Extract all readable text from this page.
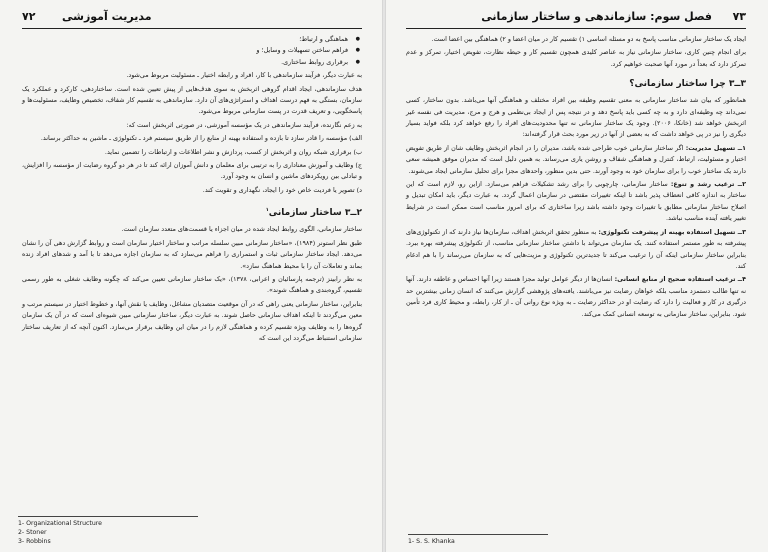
۷۲ مدیریت آموزشی
● هماهنگی و ارتباط؛
● فراهم ساختن تسهیلات و وسایل؛ و
● برقراری روابط ساختاری.

به عبارت دیگر، فرآیند سازماندهی با کار، افراد و رابطه اختیار ـ مسئولیت مربوط می‌شود.

هدف سازماندهی، ایجاد اقدام گروهی اثربخش به سوی هدف‌هایی از پیش تعیین شده است. ساختاردهی، کارکرد و عملکرد یک سازمان، بستگی به فهم درست اهداف و استراتژی‌های آن دارد. سازماندهی به تقسیم کار شفاف، تخصیص وظایف، مسئولیت‌ها و پاسخگویی، و تعریف قدرت در پست سازمانی مربوط می‌شود.

به زعم نگارنده، فرآیند سازماندهی در یک مؤسسه آموزشی، در صورتی اثربخش است که:

الف) مؤسسه را قادر سازد تا بازده و استفاده بهینه از منابع را از طریق سیستم فرد ـ تکنولوژی ـ ماشین به حداکثر برساند.

ب) برقراری شبکه روان و اثربخش از کسب، پردازش و نشر اطلاعات و ارتباطات را تضمین نماید.

ج) وظایف و آموزش معناداری را به ترتیبی برای معلمان و دانش آموزان ارائه کند تا در هر دو گروه رضایت از مؤسسه را افزایش، و تبادلی بین رویکردهای ماشین و انسان به وجود آورد.

د) تصویر یا فرديت خاص خود را ایجاد، نگهداری و تقویت کند.

۲ــ۳ ساختار سازمانی$^۱$

ساختار سازمانی، الگوی روابط ایجاد شده در میان اجزاء یا قسمت‌های متعدد سازمان است.

طبق نظر استونر (۱۹۸۴)، «ساختار سازمانی مبین سلسله مراتب و ساختار اختیار سازمان است و روابط گزارش دهی آن را نشان می‌دهد. ایجاد ساختار سازمانی ثبات و استمراری را فراهم می‌سازد که به سازمان اجازه می‌دهد تا با آمد و شدهای افراد زنده بماند و تعاملات آن را با محیط هماهنگ سازد».

به نظر رابینز (ترجمه پارسائیان و اعرابی، ۱۳۷۸)، «یک ساختار سازمانی تعیین می‌کند که چگونه وظایف شغلی به طور رسمی تقسیم، گروه‌بندی و هماهنگ شوند».

بنابراین، ساختار سازمانی یعنی راهی که در آن موقعیت متصدیان مشاغل، وظایف یا نقش آنها، و خطوط اختیار در سیستم مرتب و معین می‌گردند تا اینکه اهداف سازمانی حاصل شوند. به عبارت دیگر، ساختار سازمانی مبین شیوه‌ای است که در آن یک سازمان گروه‌ها را به وظایف ویژه تقسیم کرده و هماهنگی لازم را در میان این وظایف برقرار می‌سازد. اکنون آنچه که از تعاریف ساختار سازمانی استنباط می‌گردد این است که

1- Organizational Structure
2- Stoner
3- Robbins
۷۳
فصل سوم: سازماندهی و ساختار سازمانی

ایجاد یک ساختار سازمانی مناسب پاسخ به دو مسئله اساسی ۱) تقسیم کار در میان اعضا و ۲) هماهنگی بین اعضا است.

برای انجام چنین کاری، ساختار سازمانی نیاز به عناصر کلیدی همچون تقسیم کار و حیطه نظارت، تفویض اختیار، تمرکز و عدم تمرکز دارد که بعداً در مورد آنها صحبت خواهیم کرد.

۳ــ۳ چرا ساختار سازمانی؟

همانطور که بیان شد ساختار سازمانی به معنی تقسیم وظیفه بین افراد مختلف و هماهنگی آنها می‌باشد. بدون ساختار، کسی نمی‌داند چه وظیفه‌ای دارد و به چه کسی باید پاسخ دهد و در نتیجه پس از ایجاد بی‌نظمی و هرج و مرج، مدیریت فی نفسه غیر اثربخش خواهد شد (خانکا، ۲۰۰۶). وجود یک ساختار سازمانی نه تنها محدودیت‌های افراد را رفع خواهد کرد بلکه فواید بسیار دیگری را نیز در پی خواهد داشت که به بعضی از آنها در زیر مورد بحث قرار گرفته‌اند:

۱ــ تسهیل مدیریت: اگر ساختار سازمانی خوب طراحی شده باشد، مدیران را در انجام اثربخش وظایف شان از طریق تفویض اختیار و مسئولیت، ارتباط، کنترل و هماهنگی شفاف و روشن یاری می‌رساند. به همین دلیل است که مدیران موفق همیشه سعی دارند یک ساختار خوب را برای سازمان خود به وجود آورند. حتی بدین منظور، واحدهای مجزا برای تحلیل سازمانی ایجاد می‌شوند.

۲ــ ترغیب رشد و تنوع: ساختار سازمانی، چارچوبی را برای رشد تشکیلات فراهم می‌سازد. ازاین رو، لازم است که این ساختار به اندازه کافی انعطاف پذیر باشد تا اینکه تغییرات مقتضی در سازمان اعمال گردد. به عبارت دیگر، باید امکان تبدیل و اصلاح ساختار سازمانی مطابق با تغییرات وجود داشته باشد زیرا ساختاری که برای امروز مناسب است ممکن است در شرایط تغییر یافته آینده مناسب نباشد.

۳ــ تسهیل استفاده بهینه از پیشرفت تکنولوژی: به منظور تحقق اثربخش اهداف، سازمان‌ها نیاز دارند که از تکنولوژی‌های پیشرفته به طور مستمر استفاده کنند. یک سازمان می‌تواند با داشتن ساختار سازمانی مناسب، از تکنولوژی پیشرفته بهره ببرد. بنابراین ساختار سازمانی اینکه آن را ترغیب می‌کند تا جدیدترین تکنولوژی و مزیت‌هایی که به سازمان می‌رساند را با هم ادغام کند.

۴ــ ترغیب استفاده صحیح از منابع انسانی: انسان‌ها از دیگر عوامل تولید مجزا هستند زیرا آنها احساس و عاطفه دارند. آنها نه تنها طالب دستمزد مناسب بلکه خواهان رضایت نیز می‌باشند. یافته‌های پژوهشی گزارش می‌کنند که انسان زمانی بیشترین حد درگیری در کار و فعالیت را دارد که رضایت او در حداکثر رضایت ـ به ویژه نوع روانی آن ـ از کار، رابطه، و محیط کاری فرد تأمین شود. بنابراین، ساختار سازمانی به توسعه انسانی کمک می‌کند.

1- S. S. Khanka
